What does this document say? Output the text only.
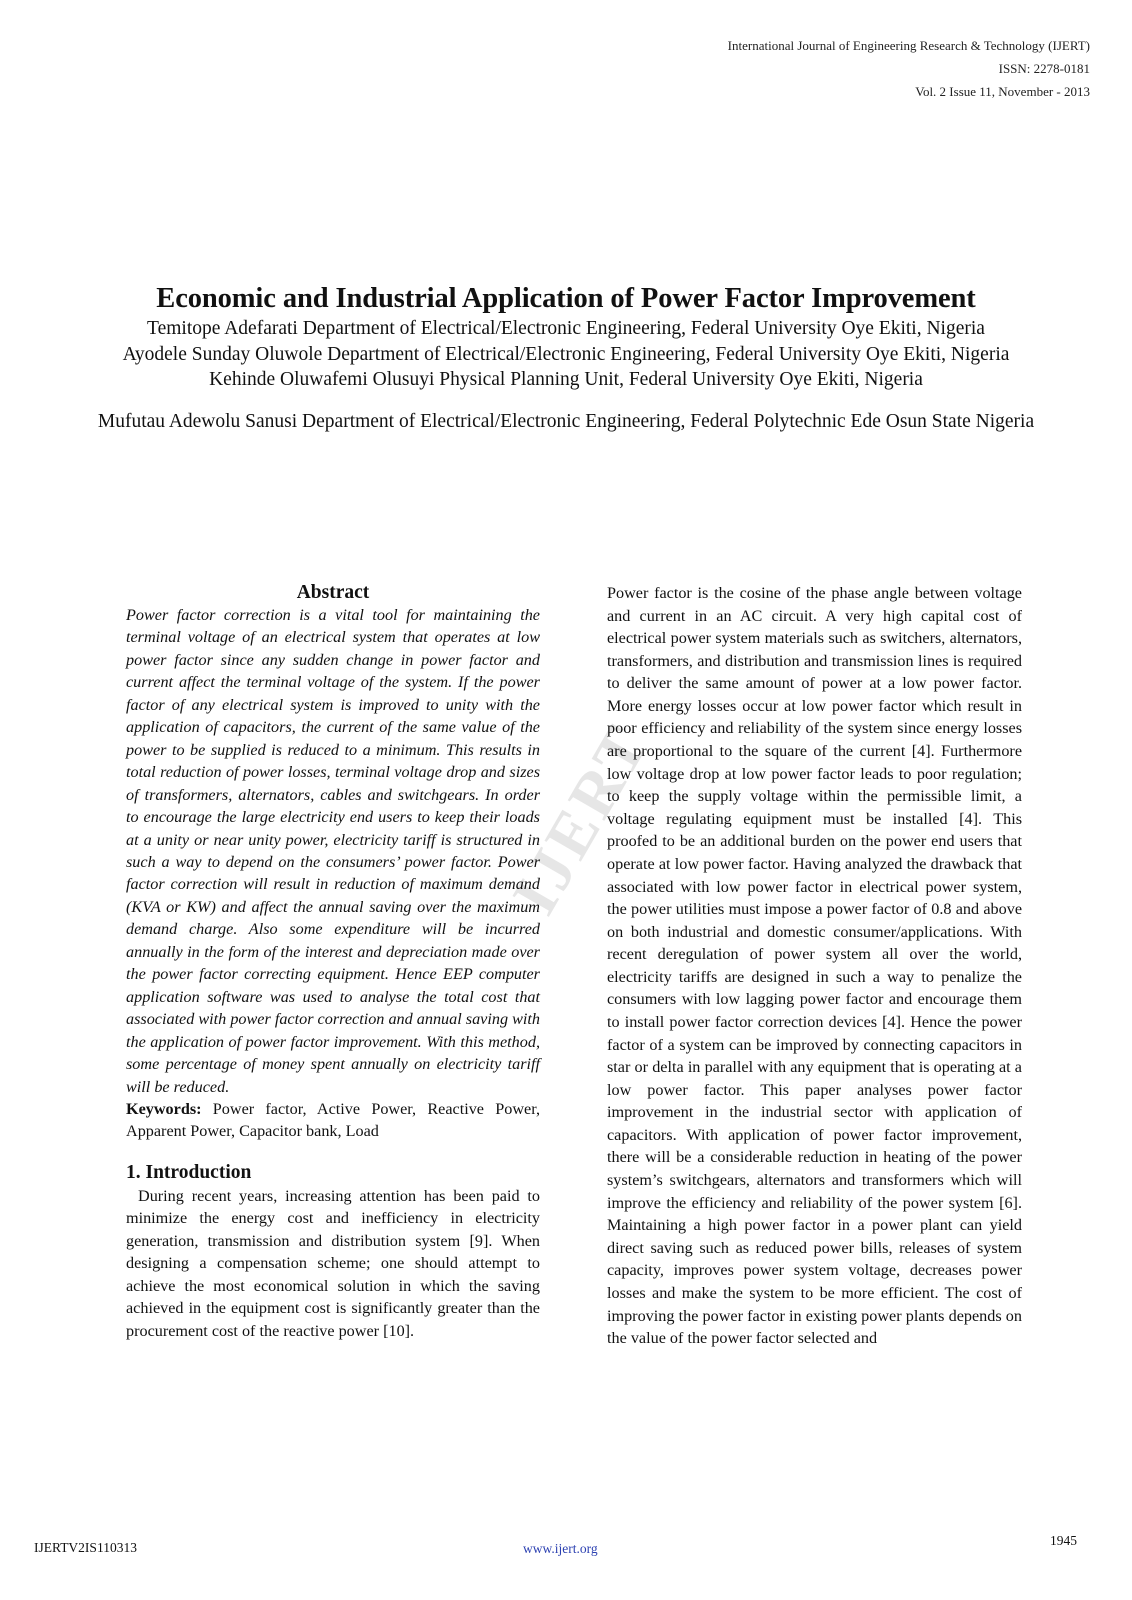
International Journal of Engineering Research & Technology (IJERT)
ISSN: 2278-0181
Vol. 2 Issue 11, November - 2013
Economic and Industrial Application of Power Factor Improvement

Temitope Adefarati Department of Electrical/Electronic Engineering, Federal University Oye Ekiti, Nigeria

Ayodele Sunday Oluwole Department of Electrical/Electronic Engineering, Federal University Oye Ekiti, Nigeria

Kehinde Oluwafemi Olusuyi Physical Planning Unit, Federal University Oye Ekiti, Nigeria

Mufutau Adewolu Sanusi Department of Electrical/Electronic Engineering, Federal Polytechnic Ede Osun State Nigeria

IJERT
Abstract

Power factor correction is a vital tool for maintaining the terminal voltage of an electrical system that operates at low power factor since any sudden change in power factor and current affect the terminal voltage of the system. If the power factor of any electrical system is improved to unity with the application of capacitors, the current of the same value of the power to be supplied is reduced to a minimum. This results in total reduction of power losses, terminal voltage drop and sizes of transformers, alternators, cables and switchgears. In order to encourage the large electricity end users to keep their loads at a unity or near unity power, electricity tariff is structured in such a way to depend on the consumers’ power factor. Power factor correction will result in reduction of maximum demand (KVA or KW) and affect the annual saving over the maximum demand charge. Also some expenditure will be incurred annually in the form of the interest and depreciation made over the power factor correcting equipment. Hence EEP computer application software was used to analyse the total cost that associated with power factor correction and annual saving with the application of power factor improvement. With this method, some percentage of money spent annually on electricity tariff will be reduced.

Keywords: Power factor, Active Power, Reactive Power, Apparent Power, Capacitor bank, Load

1. Introduction

During recent years, increasing attention has been paid to minimize the energy cost and inefficiency in electricity generation, transmission and distribution system [9]. When designing a compensation scheme; one should attempt to achieve the most economical solution in which the saving achieved in the equipment cost is significantly greater than the procurement cost of the reactive power [10].

Power factor is the cosine of the phase angle between voltage and current in an AC circuit. A very high capital cost of electrical power system materials such as switchers, alternators, transformers, and distribution and transmission lines is required to deliver the same amount of power at a low power factor. More energy losses occur at low power factor which result in poor efficiency and reliability of the system since energy losses are proportional to the square of the current [4]. Furthermore low voltage drop at low power factor leads to poor regulation; to keep the supply voltage within the permissible limit, a voltage regulating equipment must be installed [4]. This proofed to be an additional burden on the power end users that operate at low power factor. Having analyzed the drawback that associated with low power factor in electrical power system, the power utilities must impose a power factor of 0.8 and above on both industrial and domestic consumer/applications. With recent deregulation of power system all over the world, electricity tariffs are designed in such a way to penalize the consumers with low lagging power factor and encourage them to install power factor correction devices [4]. Hence the power factor of a system can be improved by connecting capacitors in star or delta in parallel with any equipment that is operating at a low power factor. This paper analyses power factor improvement in the industrial sector with application of capacitors. With application of power factor improvement, there will be a considerable reduction in heating of the power system’s switchgears, alternators and transformers which will improve the efficiency and reliability of the power system [6]. Maintaining a high power factor in a power plant can yield direct saving such as reduced power bills, releases of system capacity, improves power system voltage, decreases power losses and make the system to be more efficient. The cost of improving the power factor in existing power plants depends on the value of the power factor selected and

IJERTV2IS110313	www.ijert.org
1945
